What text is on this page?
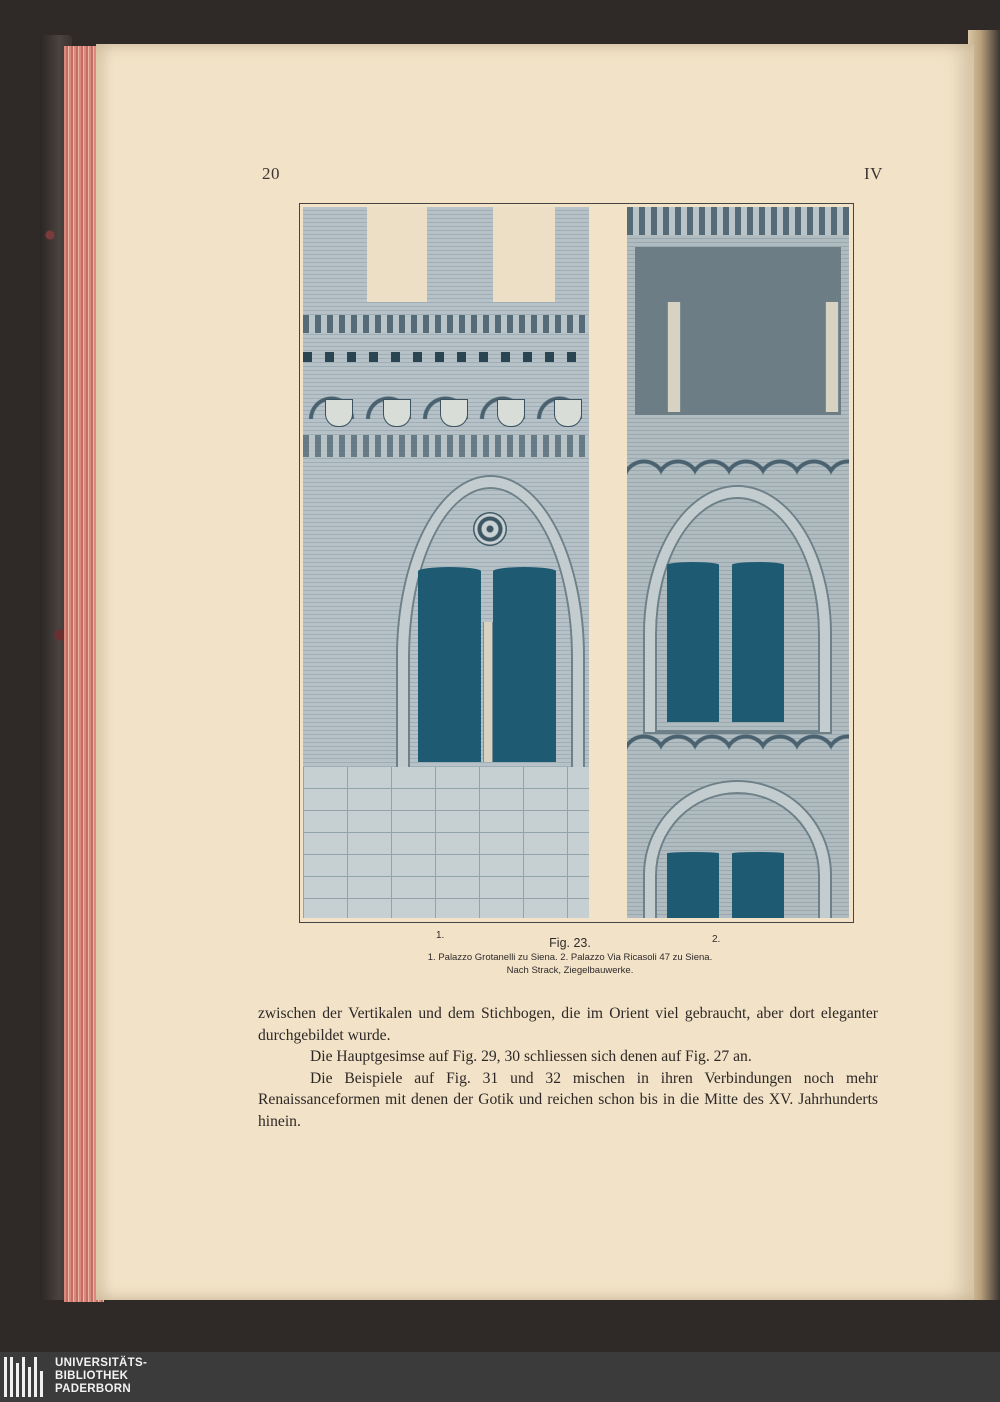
20	IV
1.	2.
Fig. 23.
1. Palazzo Grotanelli zu Siena. 2. Palazzo Via Ricasoli 47 zu Siena.
Nach Strack, Ziegelbauwerke.

zwischen der Vertikalen und dem Stichbogen, die im Orient viel gebraucht, aber dort eleganter durchgebildet wurde.

Die Hauptgesimse auf Fig. 29, 30 schliessen sich denen auf Fig. 27 an.

Die Beispiele auf Fig. 31 und 32 mischen in ihren Verbindungen noch mehr Renaissanceformen mit denen der Gotik und reichen schon bis in die Mitte des XV. Jahrhunderts hinein.

UNIVERSITÄTS-
BIBLIOTHEK
PADERBORN
